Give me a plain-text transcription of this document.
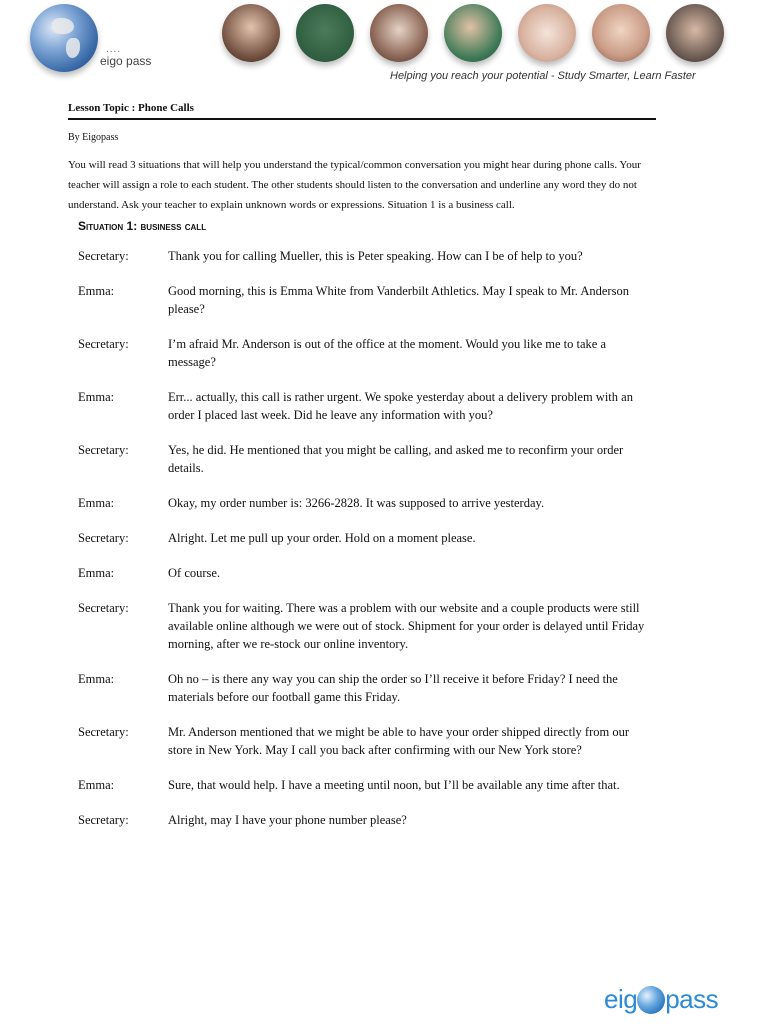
....
eigo pass
Helping you reach your potential - Study Smarter, Learn Faster
Lesson Topic : Phone Calls
By Eigopass
You will read 3 situations that will help you understand the typical/common conversation you might hear during phone calls. Your teacher will assign a role to each student. The other students should listen to the conversation and underline any word they do not understand. Ask your teacher to explain unknown words or expressions. Situation 1 is a business call.
Situation 1: business call
Secretary:	Thank you for calling Mueller, this is Peter speaking. How can I be of help to you?
Emma:	Good morning, this is Emma White from Vanderbilt Athletics. May I speak to Mr. Anderson please?
Secretary:	I’m afraid Mr. Anderson is out of the office at the moment. Would you like me to take a message?
Emma:	Err... actually, this call is rather urgent. We spoke yesterday about a delivery problem with an order I placed last week. Did he leave any information with you?
Secretary:	Yes, he did. He mentioned that you might be calling, and asked me to reconfirm your order details.
Emma:	Okay, my order number is: 3266-2828. It was supposed to arrive yesterday.
Secretary:	Alright. Let me pull up your order. Hold on a moment please.
Emma:	Of course.
Secretary:	Thank you for waiting. There was a problem with our website and a couple products were still available online although we were out of stock. Shipment for your order is delayed until Friday morning, after we re-stock our online inventory.
Emma:	Oh no – is there any way you can ship the order so I’ll receive it before Friday? I need the materials before our football game this Friday.
Secretary:	Mr. Anderson mentioned that we might be able to have your order shipped directly from our store in New York. May I call you back after confirming with our New York store?
Emma:	Sure, that would help. I have a meeting until noon, but I’ll be available any time after that.
Secretary:	Alright, may I have your phone number please?
eig pass
